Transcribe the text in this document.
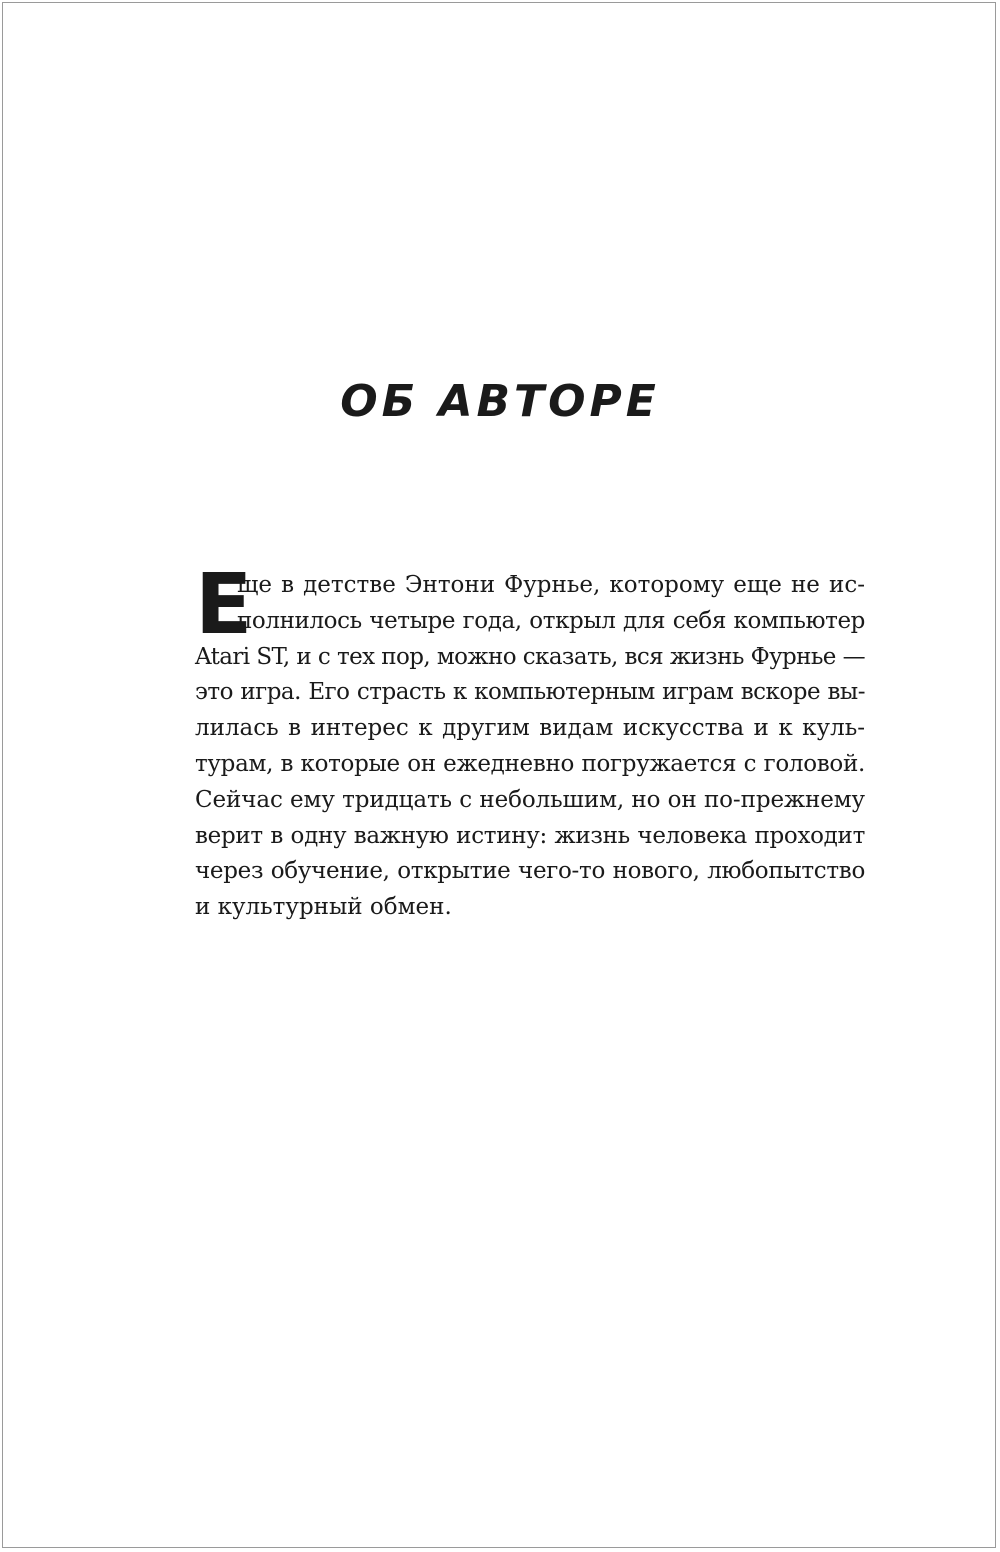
ОБ АВТОРЕ
Е
ще в детстве Энтони Фурнье, которому еще не ис-
полнилось четыре года, открыл для себя компьютер
Atari ST, и с тех пор, можно сказать, вся жизнь Фурнье —
это игра. Его страсть к компьютерным играм вскоре вы-
лилась в интерес к другим видам искусства и к куль-
турам, в которые он ежедневно погружается с головой.
Сейчас ему тридцать с небольшим, но он по-прежнему
верит в одну важную истину: жизнь человека проходит
через обучение, открытие чего-то нового, любопытство
и культурный обмен.
